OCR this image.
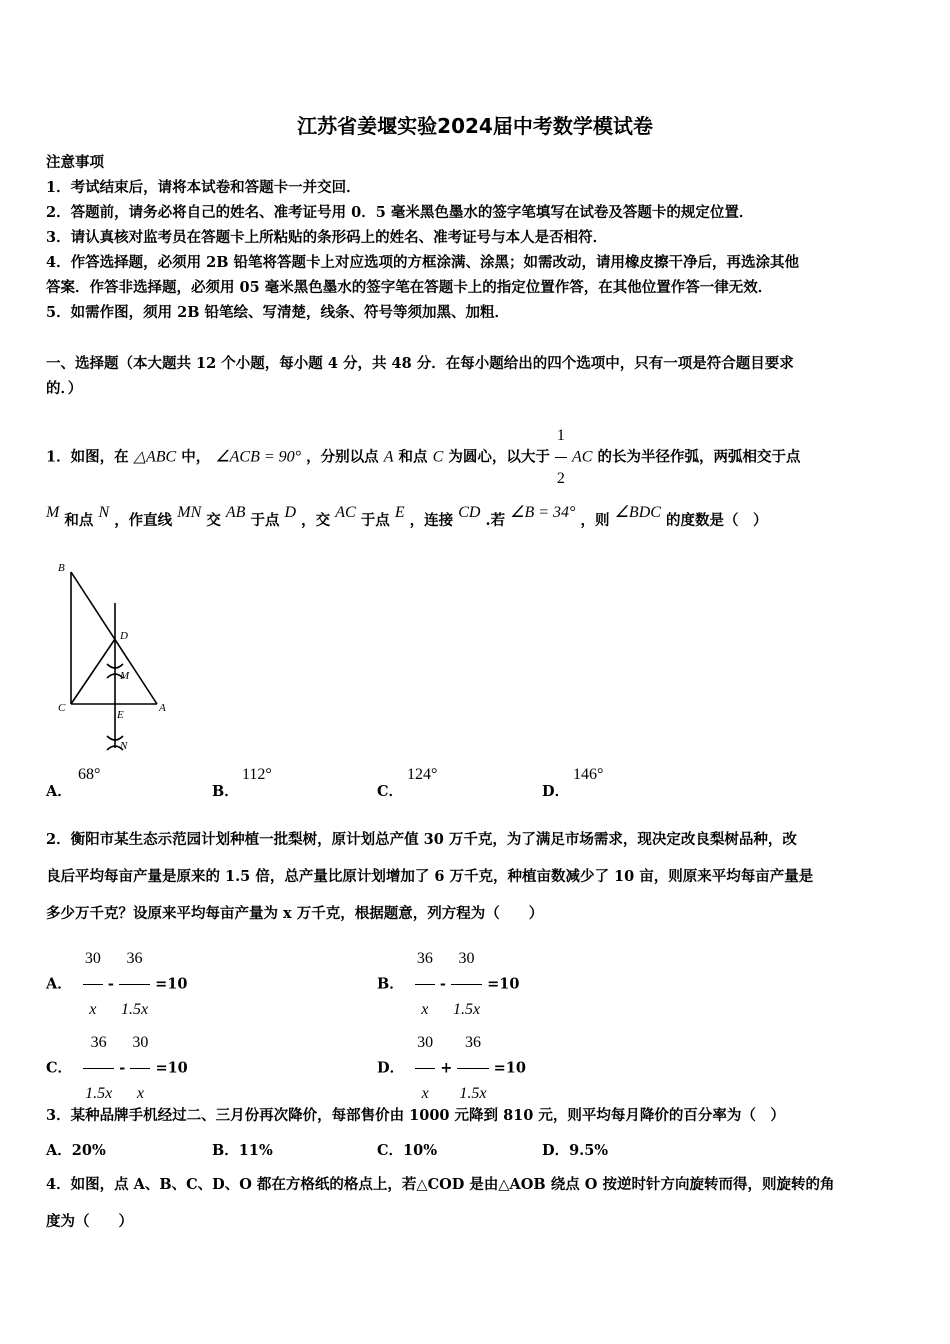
江苏省姜堰实验2024届中考数学模试卷
注意事项
1．考试结束后，请将本试卷和答题卡一并交回．
2．答题前，请务必将自己的姓名、准考证号用 0．5 毫米黑色墨水的签字笔填写在试卷及答题卡的规定位置．
3．请认真核对监考员在答题卡上所粘贴的条形码上的姓名、准考证号与本人是否相符．
4．作答选择题，必须用 2B 铅笔将答题卡上对应选项的方框涂满、涂黑；如需改动，请用橡皮擦干净后，再选涂其他
答案．作答非选择题，必须用 05 毫米黑色墨水的签字笔在答题卡上的指定位置作答，在其他位置作答一律无效．
5．如需作图，须用 2B 铅笔绘、写清楚，线条、符号等须加黑、加粗．
一、选择题（本大题共 12 个小题，每小题 4 分，共 48 分．在每小题给出的四个选项中，只有一项是符合题目要求
的．）
1．如图，在 △ABC 中， ∠ACB = 90° ，分别以点 A 和点 C 为圆心，以大于 $\frac{1}{2}$ AC 的长为半径作弧，两弧相交于点
M 和点 N ，作直线 MN 交 AB 于点 D ，交 AC 于点 E ，连接 CD .若 ∠B = 34° ，则 ∠BDC 的度数是（　）
B
D
M
C
E
A
N
A．
68°
B．
112°
C．
124°
D．
146°
2．衡阳市某生态示范园计划种植一批梨树，原计划总产值 30 万千克，为了满足市场需求，现决定改良梨树品种，改
良后平均每亩产量是原来的 1.5 倍，总产量比原计划增加了 6 万千克，种植亩数减少了 10 亩，则原来平均每亩产量是
多少万千克？设原来平均每亩产量为 x 万千克，根据题意，列方程为（　　）
A． $\frac{30}{x} - \frac{36}{1.5x} =10$	B． $\frac{36}{x} - \frac{30}{1.5x} =10$
C． $\frac{36}{1.5x} - \frac{30}{x} =10$	D． $\frac{30}{x} + \frac{36}{1.5x} =10$
3．某种品牌手机经过二、三月份再次降价，每部售价由 1000 元降到 810 元，则平均每月降价的百分率为（　）
A．20%	B．11%	C．10%	D．9.5%
4．如图，点 A、B、C、D、O 都在方格纸的格点上，若△COD 是由△AOB 绕点 O 按逆时针方向旋转而得，则旋转的角
度为（　　）
